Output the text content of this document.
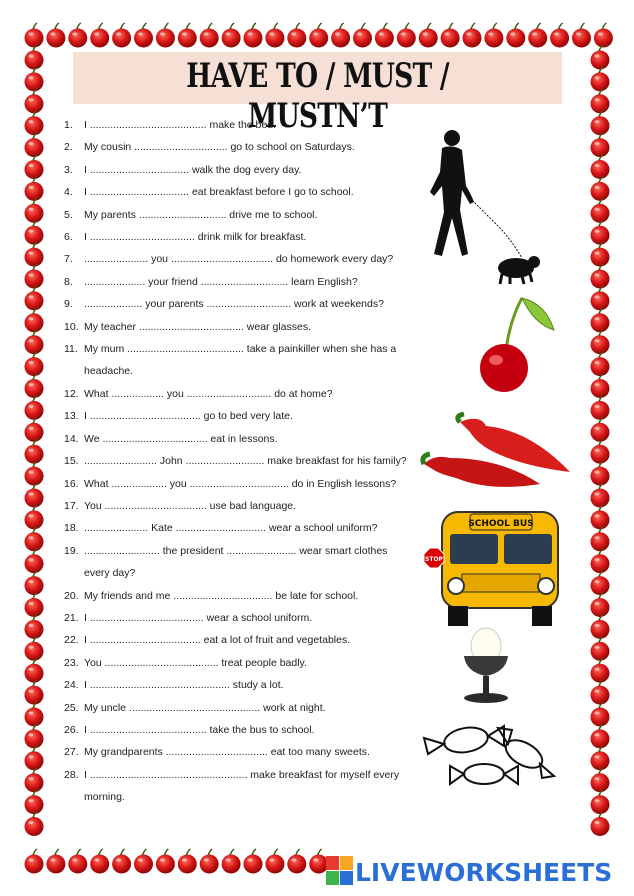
HAVE TO / MUST / MUSTN’T
1.	I ........................................ make the bed.
2.	My cousin ................................ go to school on Saturdays.
3.	I .................................. walk the dog every day.
4.	I .................................. eat breakfast before I go to school.
5.	My parents .............................. drive me to school.
6.	I .................................... drink milk for breakfast.
7.	...................... you ................................... do homework every day?
8.	..................... your friend .............................. learn English?
9.	.................... your parents ............................. work at weekends?
10. My teacher .................................... wear glasses.
11. My mum ........................................ take a painkiller when she has a
headache.
12. What .................. you ............................. do at home?
13. I ...................................... go to bed very late.
14. We .................................... eat in lessons.
15. ......................... John ........................... make breakfast for his family?
16. What ................... you .................................. do in English lessons?
17. You ................................... use bad language.
18. ...................... Kate ............................... wear a school uniform?
19. .......................... the president ........................ wear smart clothes
every day?
20. My friends and me .................................. be late for school.
21. I ....................................... wear a school uniform.
22. I ...................................... eat a lot of fruit and vegetables.
23. You ....................................... treat people badly.
24. I ................................................ study a lot.
25. My uncle ............................................. work at night.
26. I ........................................ take the bus to school.
27. My grandparents ................................... eat too many sweets.
28. I ...................................................... make breakfast for myself every
morning.
SCHOOL BUS
STOP
LIVEWORKSHEETS
